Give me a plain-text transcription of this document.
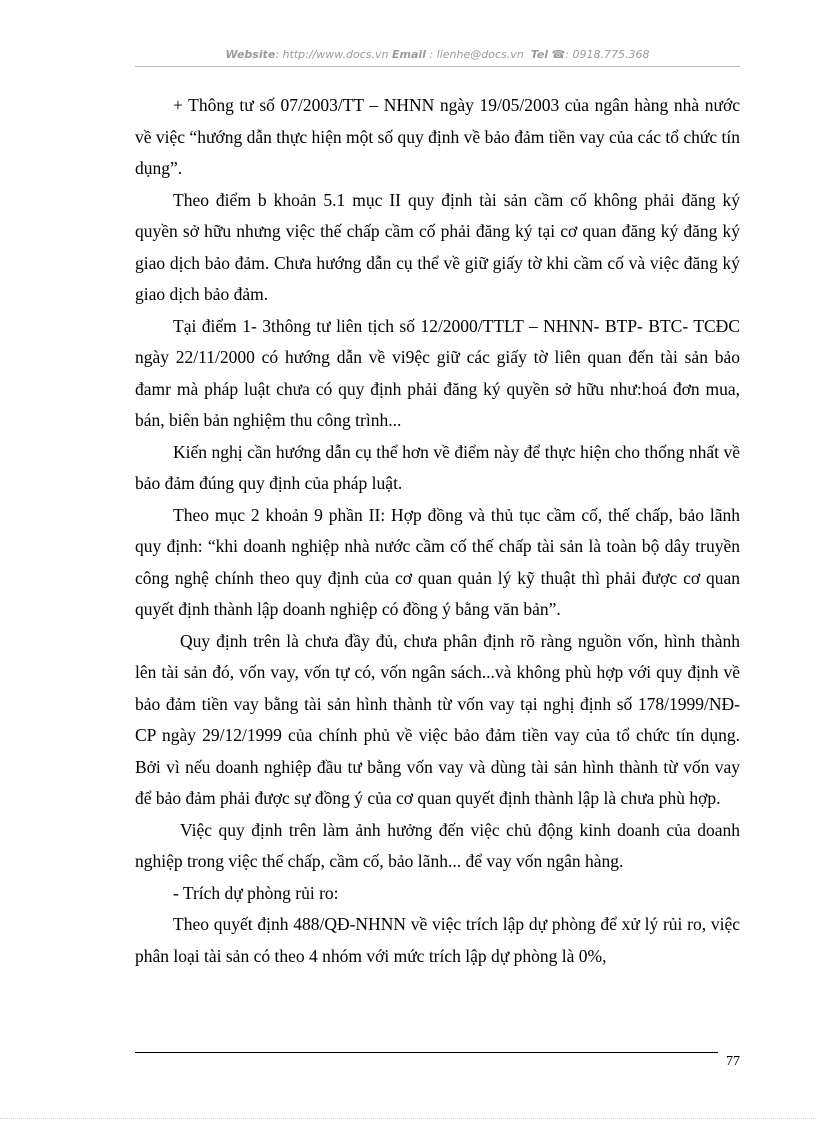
Website: http://www.docs.vn Email : lienhe@docs.vn Tel ☎: 0918.775.368

+ Thông tư số 07/2003/TT – NHNN ngày 19/05/2003 của ngân hàng nhà nước về việc “hướng dẫn thực hiện một số quy định về bảo đảm tiền vay của các tổ chức tín dụng”.

Theo điểm b khoản 5.1 mục II quy định tài sản cầm cố không phải đăng ký quyền sở hữu nhưng việc thế chấp cầm cố phải đăng ký tại cơ quan đăng ký đăng ký giao dịch bảo đảm. Chưa hướng dẫn cụ thể về giữ giấy tờ khi cầm cố và việc đăng ký giao dịch bảo đảm.

Tại điểm 1- 3thông tư liên tịch số 12/2000/TTLT – NHNN- BTP- BTC- TCĐC ngày 22/11/2000 có hướng dẫn về vi9ệc giữ các giấy tờ liên quan đến tài sản bảo đamr mà pháp luật chưa có quy định phải đăng ký quyền sở hữu như:hoá đơn mua, bán, biên bản nghiệm thu công trình...

Kiến nghị cần hướng dẫn cụ thể hơn về điểm này để thực hiện cho thống nhất về bảo đảm đúng quy định của pháp luật.

Theo mục 2 khoản 9 phần II: Hợp đồng và thủ tục cầm cố, thế chấp, bảo lãnh quy định: “khi doanh nghiệp nhà nước cầm cố thế chấp tài sản là toàn bộ dây truyền công nghệ chính theo quy định của cơ quan quản lý kỹ thuật thì phải được cơ quan quyết định thành lập doanh nghiệp có đồng ý bằng văn bản”.

Quy định trên là chưa đầy đủ, chưa phân định rõ ràng nguồn vốn, hình thành lên tài sản đó, vốn vay, vốn tự có, vốn ngân sách...và không phù hợp với quy định về bảo đảm tiền vay bằng tài sản hình thành từ vốn vay tại nghị định số 178/1999/NĐ-CP ngày 29/12/1999 của chính phủ về việc bảo đảm tiền vay của tổ chức tín dụng. Bởi vì nếu doanh nghiệp đầu tư bằng vốn vay và dùng tài sản hình thành từ vốn vay để bảo đảm phải được sự đồng ý của cơ quan quyết định thành lập là chưa phù hợp.

Việc quy định trên làm ảnh hưởng đến việc chủ động kinh doanh của doanh nghiệp trong việc thế chấp, cầm cố, bảo lãnh... để vay vốn ngân hàng.

- Trích dự phòng rủi ro:

Theo quyết định 488/QĐ-NHNN về việc trích lập dự phòng để xử lý rủi ro, việc phân loại tài sản có theo 4 nhóm với mức trích lập dự phòng là 0%,

77
